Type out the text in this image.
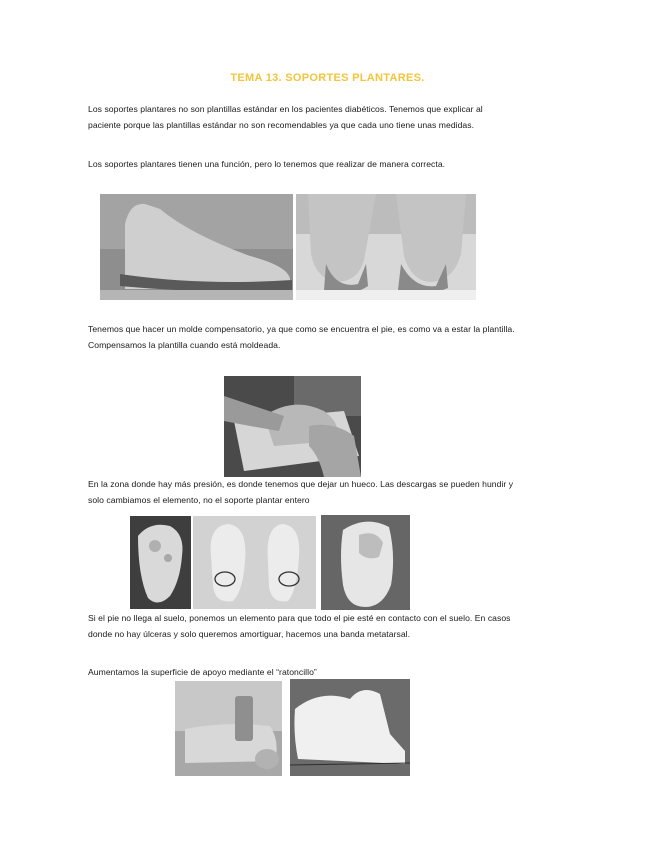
TEMA 13. SOPORTES PLANTARES.
Los soportes plantares no son plantillas estándar en los pacientes diabéticos. Tenemos que explicar al paciente porque las plantillas estándar no son recomendables ya que cada uno tiene unas medidas.
Los soportes plantares tienen una función, pero lo tenemos que realizar de manera correcta.
Tenemos que hacer un molde compensatorio, ya que como se encuentra el pie, es como va a estar la plantilla. Compensamos la plantilla cuando está moldeada.
En la zona donde hay más presión, es donde tenemos que dejar un hueco. Las descargas se pueden hundir y solo cambiamos el elemento, no el soporte plantar entero
Si el pie no llega al suelo, ponemos un elemento para que todo el pie esté en contacto con el suelo. En casos donde no hay úlceras y solo queremos amortiguar, hacemos una banda metatarsal.
Aumentamos la superficie de apoyo mediante el “ratoncillo”
